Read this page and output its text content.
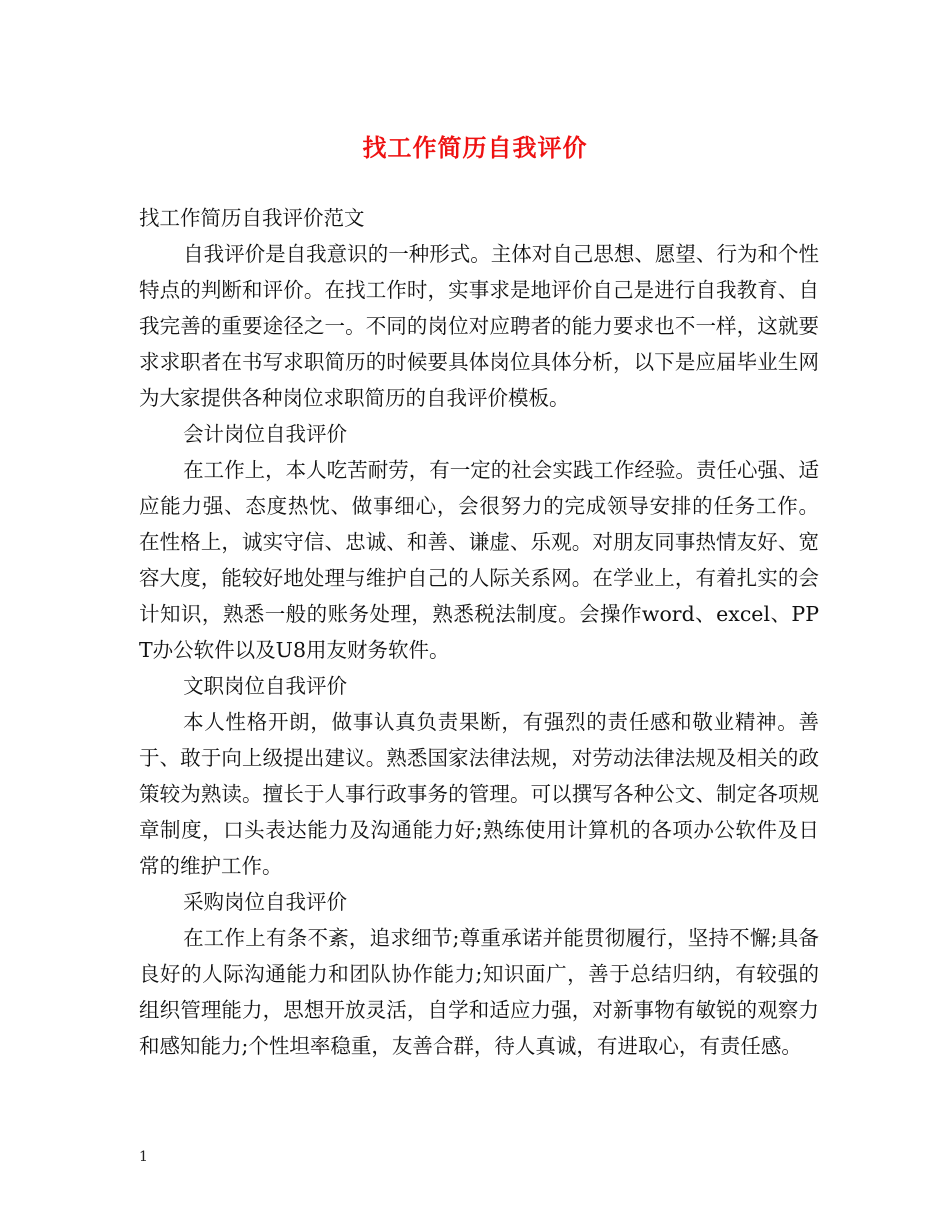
找工作简历自我评价

找工作简历自我评价范文

自我评价是自我意识的一种形式。主体对自己思想、愿望、行为和个性特点的判断和评价。在找工作时，实事求是地评价自己是进行自我教育、自我完善的重要途径之一。不同的岗位对应聘者的能力要求也不一样，这就要求求职者在书写求职简历的时候要具体岗位具体分析，以下是应届毕业生网为大家提供各种岗位求职简历的自我评价模板。

会计岗位自我评价

在工作上，本人吃苦耐劳，有一定的社会实践工作经验。责任心强、适应能力强、态度热忱、做事细心，会很努力的完成领导安排的任务工作。 在性格上，诚实守信、忠诚、和善、谦虚、乐观。对朋友同事热情友好、宽容大度，能较好地处理与维护自己的人际关系网。在学业上，有着扎实的会计知识，熟悉一般的账务处理，熟悉税法制度。会操作word、excel、PPT办公软件以及U8用友财务软件。

文职岗位自我评价

本人性格开朗，做事认真负责果断，有强烈的责任感和敬业精神。善于、敢于向上级提出建议。熟悉国家法律法规，对劳动法律法规及相关的政策较为熟读。擅长于人事行政事务的管理。可以撰写各种公文、制定各项规章制度，口头表达能力及沟通能力好;熟练使用计算机的各项办公软件及日常的维护工作。

采购岗位自我评价

在工作上有条不紊，追求细节;尊重承诺并能贯彻履行，坚持不懈;具备良好的人际沟通能力和团队协作能力;知识面广，善于总结归纳，有较强的组织管理能力，思想开放灵活，自学和适应力强，对新事物有敏锐的观察力和感知能力;个性坦率稳重，友善合群，待人真诚，有进取心，有责任感。

1
